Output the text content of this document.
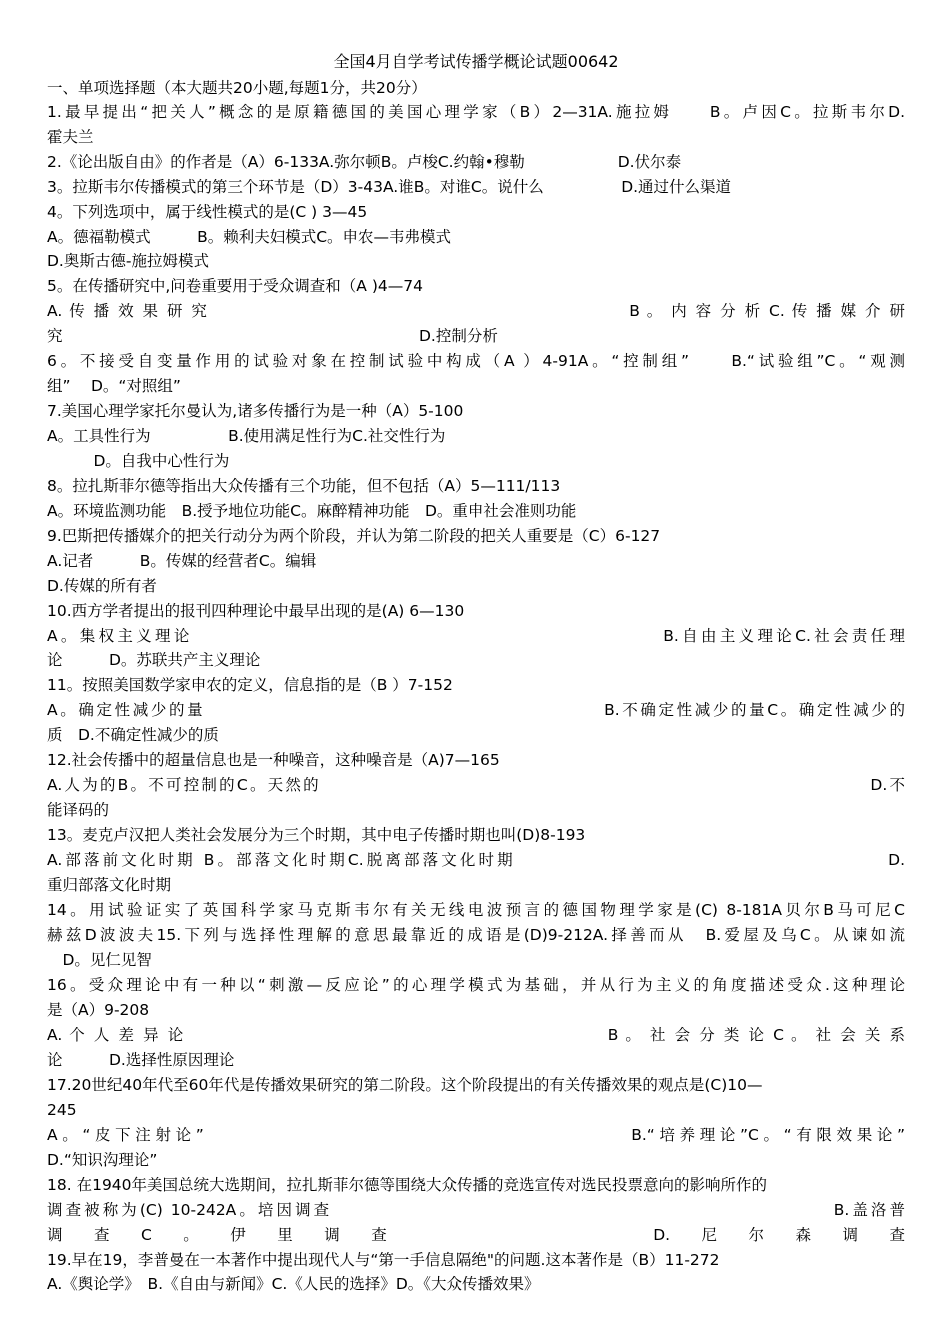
全国4月自学考试传播学概论试题00642
一、单项选择题（本大题共20小题,每题1分，共20分）
1.最早提出“把关人”概念的是原籍德国的美国心理学家（B）2—31A.施拉姆　　B。卢因C。拉斯韦尔D.
霍夫兰
2.《论出版自由》的作者是（A）6-133A.弥尔顿B。卢梭C.约翰•穆勒　　　　　　D.伏尔泰
3。拉斯韦尔传播模式的第三个环节是（D）3-43A.谁B。对谁C。说什么　　　　　D.通过什么渠道
4。下列选项中，属于线性模式的是(C ) 3—45
A。德福勒模式　　　B。赖利夫妇模式C。申农—韦弗模式
D.奥斯古德-施拉姆模式
5。在传播研究中,问卷重要用于受众调查和（A )4—74
A. 传 播 效 果 研 究　　　　　　　　　　　　　　　　　　　　　　　　B 。 内 容 分 析 C. 传 播 媒 介 研
究　　　　　　　　　　　　　　　　　　　　　　　D.控制分析
6。不接受自变量作用的试验对象在控制试验中构成（A ）4-91A。“控制组”　　B.“试验组”C。“观测
组”　 D。“对照组”
7.美国心理学家托尔曼认为,诸多传播行为是一种（A）5-100
A。工具性行为　　　　　B.使用满足性行为C.社交性行为
　　　D。自我中心性行为
8。拉扎斯菲尔德等指出大众传播有三个功能，但不包括（A）5—111/113
A。环境监测功能　B.授予地位功能C。麻醉精神功能　D。重申社会准则功能
9.巴斯把传播媒介的把关行动分为两个阶段，并认为第二阶段的把关人重要是（C）6-127
A.记者　　　B。传媒的经营者C。编辑
D.传媒的所有者
10.西方学者提出的报刊四种理论中最早出现的是(A) 6—130
A。集权主义理论　　　　　　　　　　　　　　　　　　　　　　　　　B.自由主义理论C.社会责任理
论　　　D。苏联共产主义理论
11。按照美国数学家申农的定义，信息指的是（B ）7-152
A。确定性减少的量　　　　　　　　　　　　　　　　　　　　　　B.不确定性减少的量C。确定性减少的
质　D.不确定性减少的质
12.社会传播中的超量信息也是一种噪音，这种噪音是（A)7—165
A.人为的B。不可控制的C。天然的　　　　　　　　　　　　　　　　　　　　　　　　　　　　　　　D.不
能译码的
13。麦克卢汉把人类社会发展分为三个时期，其中电子传播时期也叫(D)8-193
A.部落前文化时期 B。部落文化时期C.脱离部落文化时期　　　　　　　　　　　　　　　　　　　　D.
重归部落文化时期
14。用试验证实了英国科学家马克斯韦尔有关无线电波预言的德国物理学家是(C) 8-181A贝尔B马可尼C
赫兹D波波夫15.下列与选择性理解的意思最靠近的成语是(D)9-212A.择善而从　B.爱屋及乌C。从谏如流
　D。见仁见智
16。受众理论中有一种以“刺激—反应论”的心理学模式为基础，并从行为主义的角度描述受众.这种理论
是（A）9-208
A. 个 人 差 异 论　　　　　　　　　　　　　　　　　　　　　　　　B 。 社 会 分 类 论 C 。 社 会 关 系
论　　　D.选择性原因理论
17.20世纪40年代至60年代是传播效果研究的第二阶段。这个阶段提出的有关传播效果的观点是(C)10—
245
A。“皮下注射论”　　　　　　　　　　　　　　　　　　　　　B.“培养理论”C。“有限效果论”
D.“知识沟理论”
18. 在1940年美国总统大选期间，拉扎斯菲尔德等围绕大众传播的竞选宣传对选民投票意向的影响所作的
调查被称为(C) 10-242A。培因调查　　　　　　　　　　　　　　　　　　　　　　　　　　　B.盖洛普
调查C。伊里调查　　　　　D.尼尔森调查
19.早在19，李普曼在一本著作中提出现代人与“第一手信息隔绝"的问题.这本著作是（B）11-272
A.《舆论学》　B.《自由与新闻》C.《人民的选择》D。《大众传播效果》
